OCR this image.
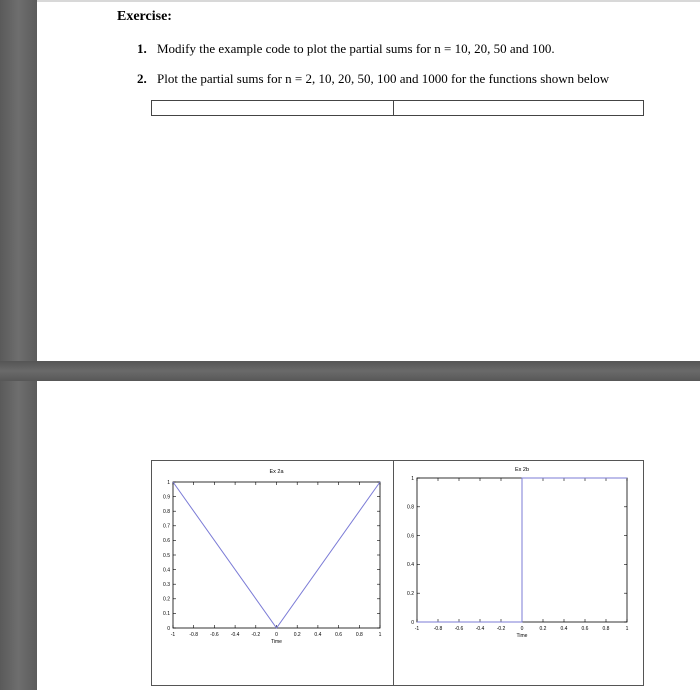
Exercise:
1. Modify the example code to plot the partial sums for n = 10, 20, 50 and 100.
2. Plot the partial sums for n = 2, 10, 20, 50, 100 and 1000 for the functions shown below
Ex 2a
-1	-0.8 -0.6 -0.4 -0.2	0	0.2	0.4	0.6	0.8	1
0
0.1
0.2
0.3
0.4
0.5
0.6
0.7
0.8
0.9
1
Time
Ex 2b
-1	-0.8 -0.6 -0.4 -0.2	0	0.2	0.4	0.6	0.8	1
0
0.2
0.4
0.6
0.8
1
Time
